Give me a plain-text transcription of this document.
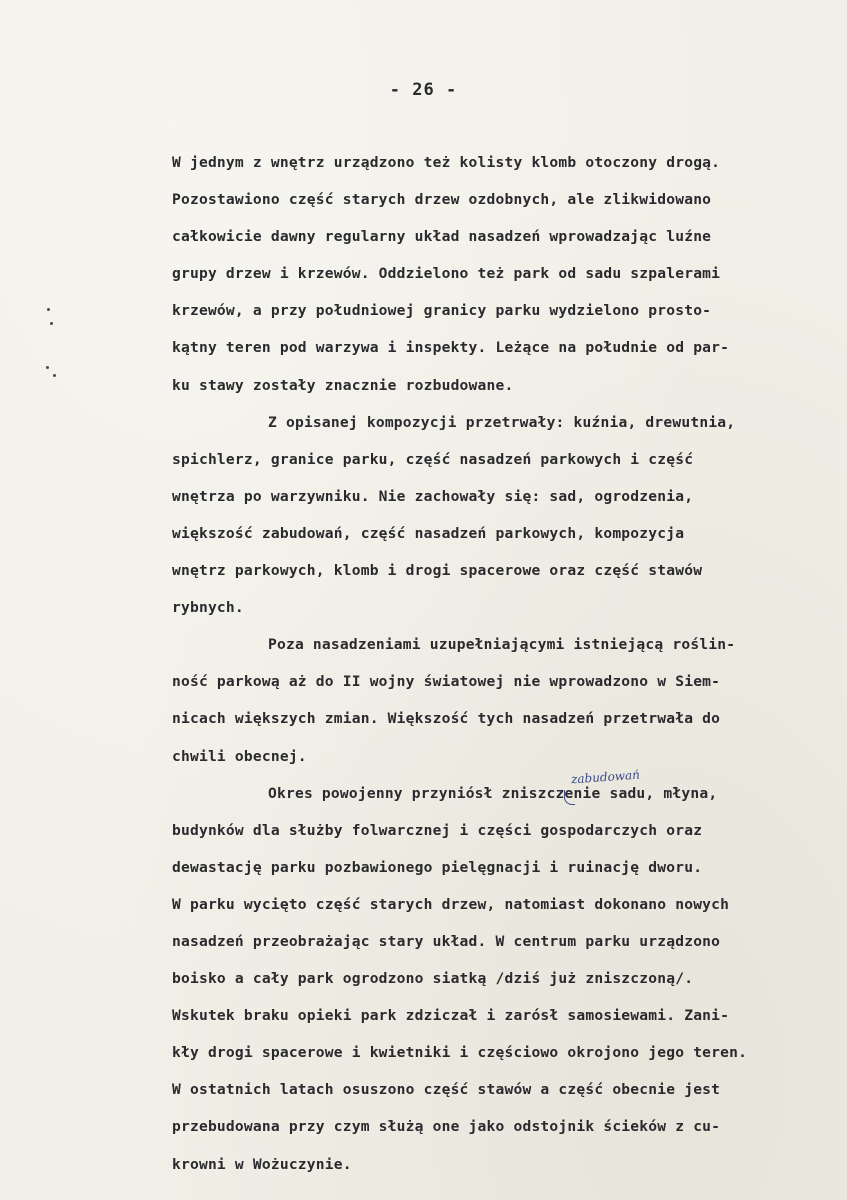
- 26 -
W jednym z wnętrz urządzono też kolisty klomb otoczony drogą.
Pozostawiono część starych drzew ozdobnych, ale zlikwidowano
całkowicie dawny regularny układ nasadzeń wprowadzając luźne
grupy drzew i krzewów. Oddzielono też park od sadu szpalerami
krzewów, a przy południowej granicy parku wydzielono prosto-
kątny teren pod warzywa i inspekty. Leżące na południe od par-
ku stawy zostały znacznie rozbudowane.
Z opisanej kompozycji przetrwały: kuźnia, drewutnia,
spichlerz, granice parku, część nasadzeń parkowych i część
wnętrza po warzywniku. Nie zachowały się: sad, ogrodzenia,
większość zabudowań, część nasadzeń parkowych, kompozycja
wnętrz parkowych, klomb i drogi spacerowe oraz część stawów
rybnych.
Poza nasadzeniami uzupełniającymi istniejącą roślin-
ność parkową aż do II wojny światowej nie wprowadzono w Siem-
nicach większych zmian. Większość tych nasadzeń przetrwała do
chwili obecnej.
Okres powojenny przyniósł zniszczenie sadu, młyna,
budynków dla służby folwarcznej i części gospodarczych oraz
dewastację parku pozbawionego pielęgnacji i ruinację dworu.
W parku wycięto część starych drzew, natomiast dokonano nowych
nasadzeń przeobrażając stary układ. W centrum parku urządzono
boisko a cały park ogrodzono siatką /dziś już zniszczoną/.
Wskutek braku opieki park zdziczał i zarósł samosiewami. Zani-
kły drogi spacerowe i kwietniki i częściowo okrojono jego teren.
W ostatnich latach osuszono część stawów a część obecnie jest
przebudowana przy czym służą one jako odstojnik ścieków z cu-
krowni w Wożuczynie.
zabudowań
